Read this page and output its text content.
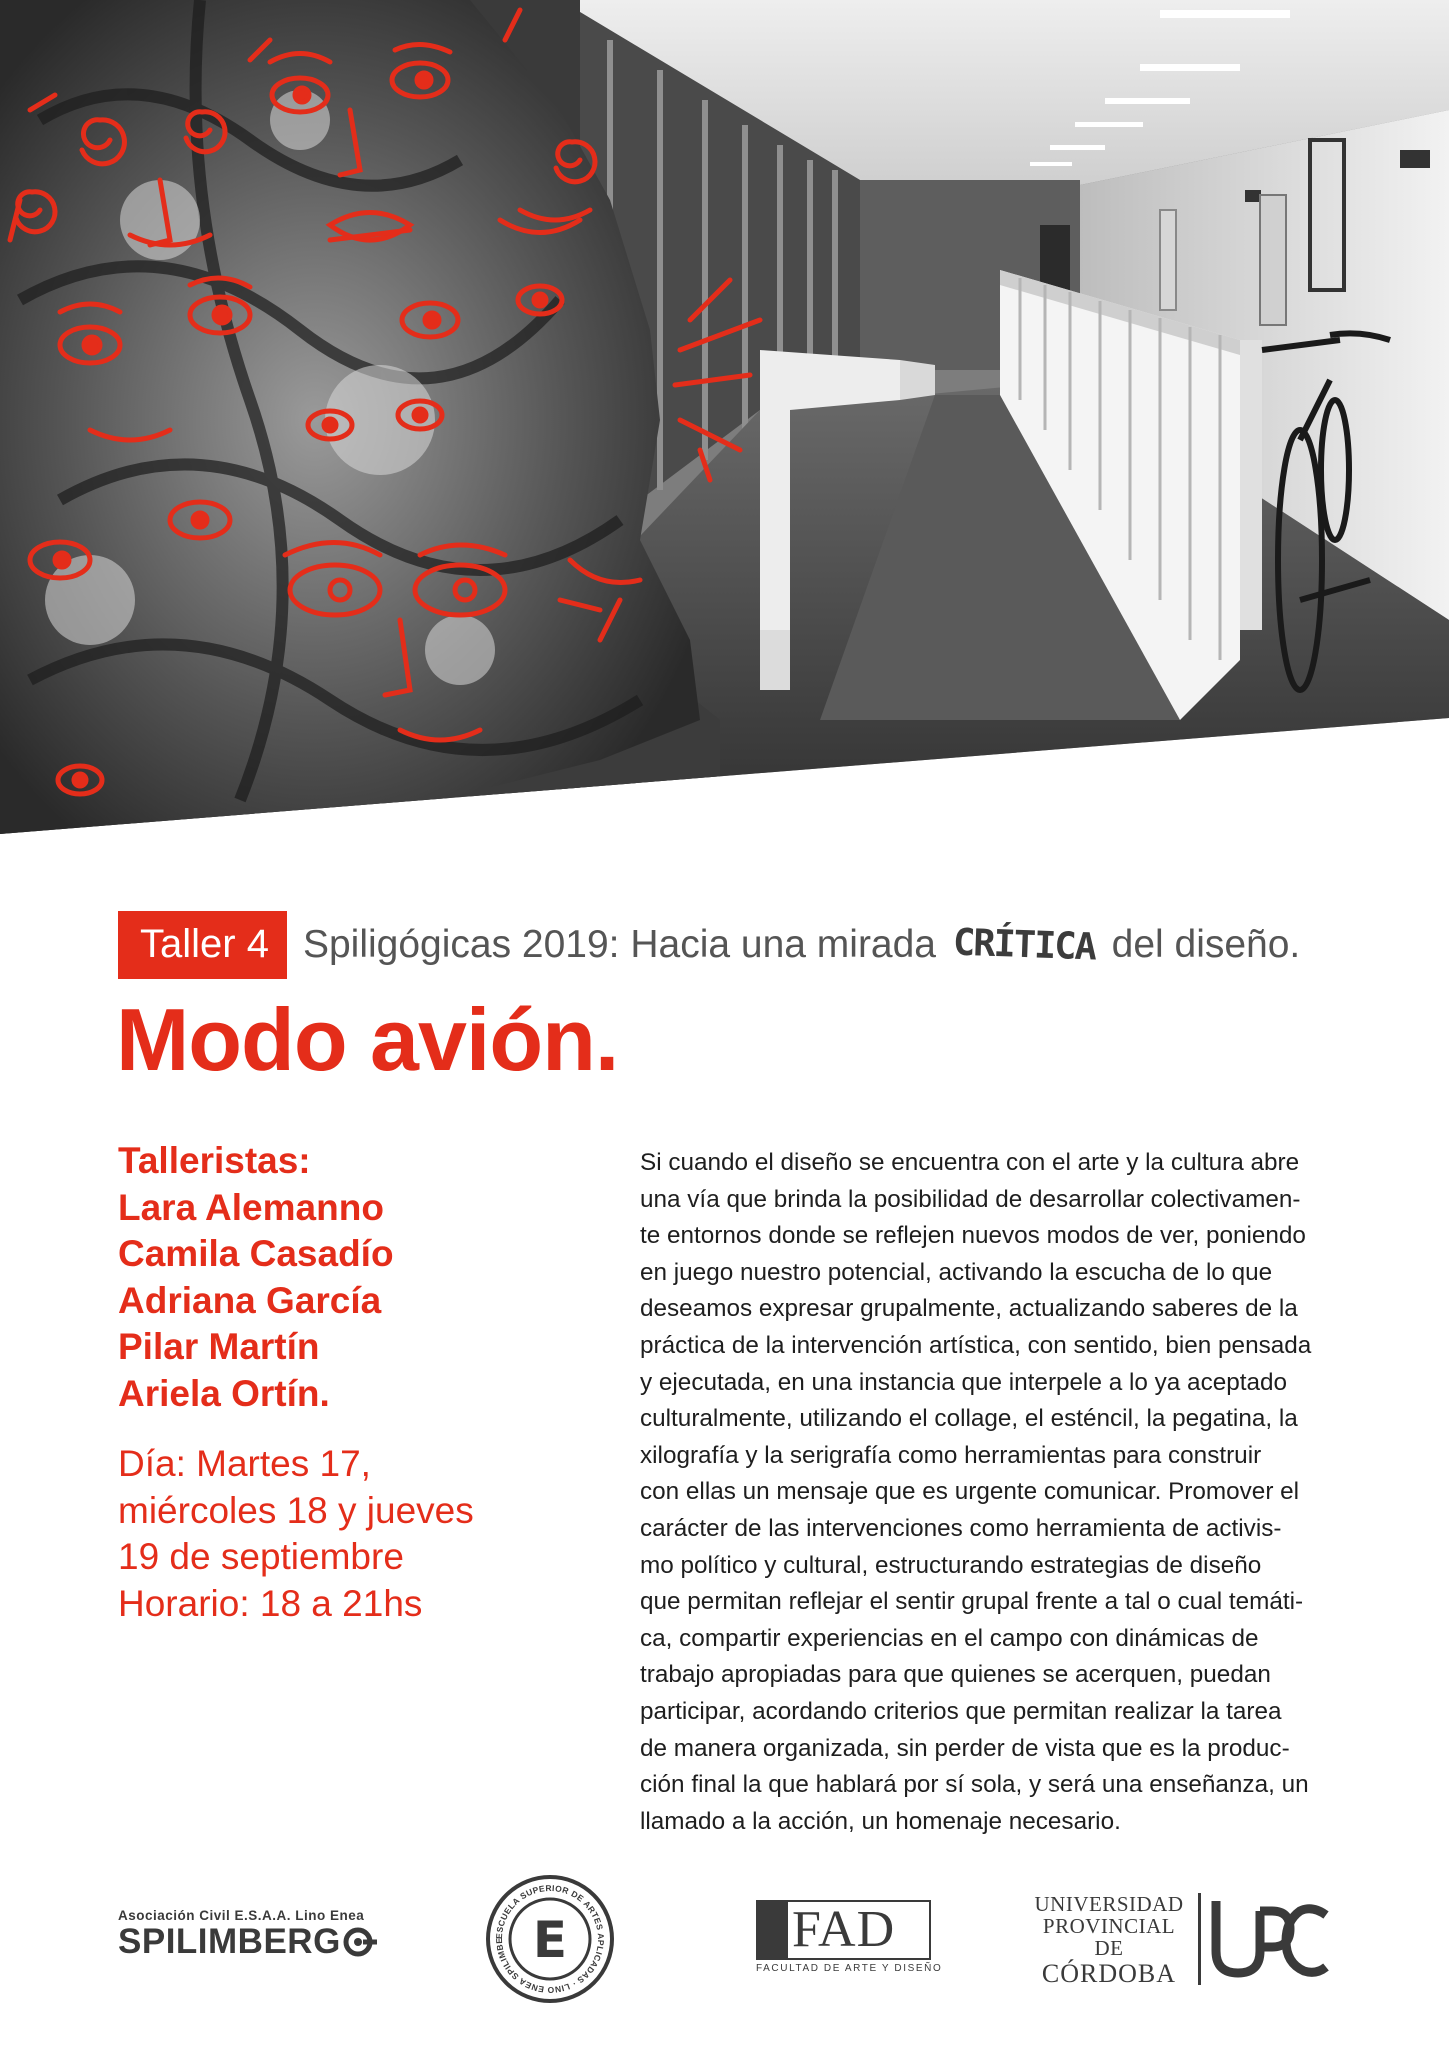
Taller 4 Spiligógicas 2019: Hacia una mirada CRÍTICA del diseño.
Modo avión.
Talleristas:
Lara Alemanno
Camila Casadío
Adriana García
Pilar Martín
Ariela Ortín.
Día: Martes 17,
miércoles 18 y jueves
19 de septiembre
Horario: 18 a 21hs

Si cuando el diseño se encuentra con el arte y la cultura abre
una vía que brinda la posibilidad de desarrollar colectivamen-
te entornos donde se reflejen nuevos modos de ver, poniendo
en juego nuestro potencial, activando la escucha de lo que
deseamos expresar grupalmente, actualizando saberes de la
práctica de la intervención artística, con sentido, bien pensada
y ejecutada, en una instancia que interpele a lo ya aceptado
culturalmente, utilizando el collage, el esténcil, la pegatina, la
xilografía y la serigrafía como herramientas para construir
con ellas un mensaje que es urgente comunicar. Promover el
carácter de las intervenciones como herramienta de activis-
mo político y cultural, estructurando estrategias de diseño
que permitan reflejar el sentir grupal frente a tal o cual temáti-
ca, compartir experiencias en el campo con dinámicas de
trabajo apropiadas para que quienes se acerquen, puedan
participar, acordando criterios que permitan realizar la tarea
de manera organizada, sin perder de vista que es la produc-
ción final la que hablará por sí sola, y será una enseñanza, un
llamado a la acción, un homenaje necesario.

Asociación Civil E.S.A.A. Lino Enea
SPILIMBERG	ESCUELA SUPERIOR DE ARTES APLICADAS · LINO ENEA SPILIMBE E	FAD
FACULTAD DE ARTE Y DISEÑO
UNIVERSIDAD
PROVINCIAL DE
CÓRDOBA
UPC
